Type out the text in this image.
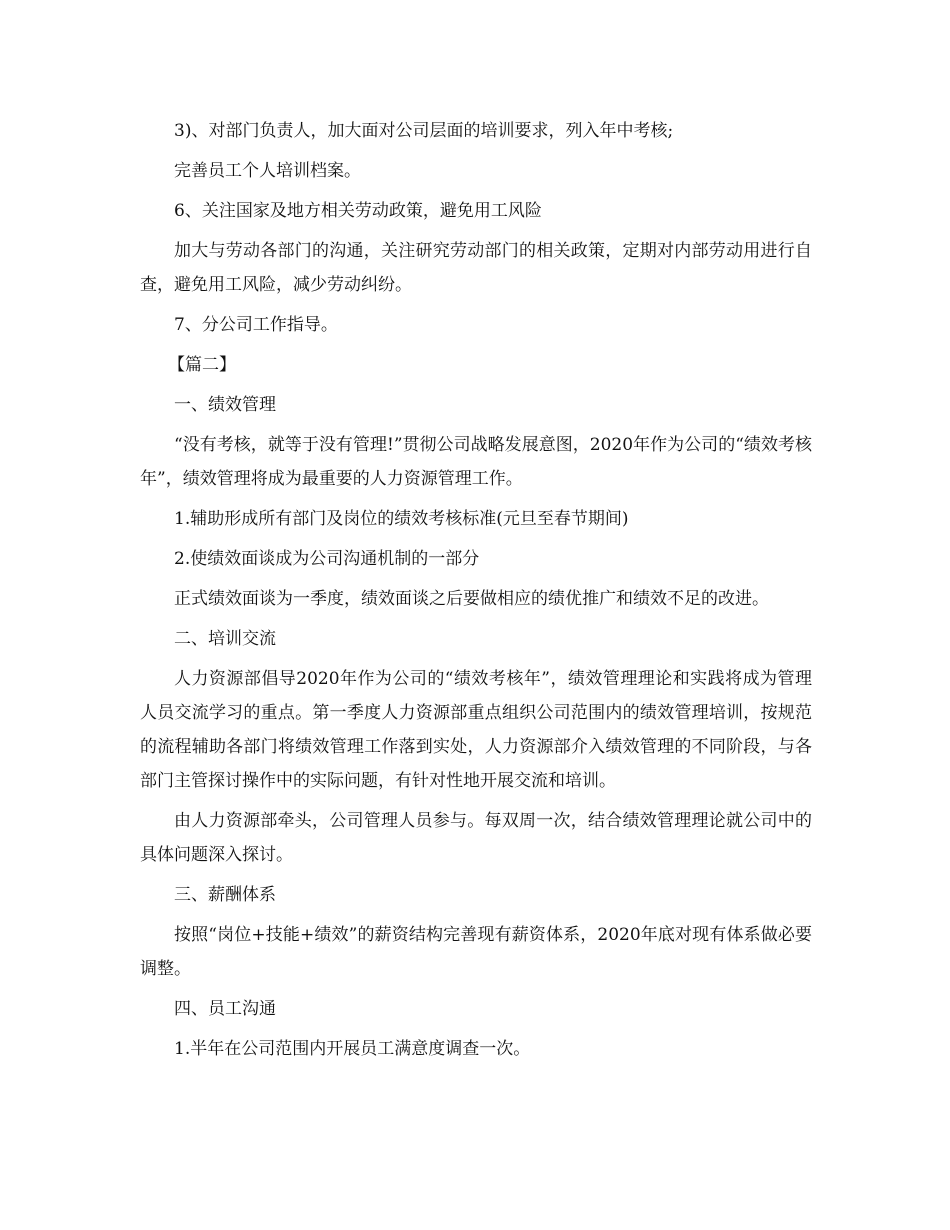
3)、对部门负责人，加大面对公司层面的培训要求，列入年中考核;

完善员工个人培训档案。

6、关注国家及地方相关劳动政策，避免用工风险

加大与劳动各部门的沟通，关注研究劳动部门的相关政策，定期对内部劳动用进行自查，避免用工风险，减少劳动纠纷。

7、分公司工作指导。

【篇二】

一、绩效管理

“没有考核，就等于没有管理!”贯彻公司战略发展意图，2020年作为公司的“绩效考核年”，绩效管理将成为最重要的人力资源管理工作。

1.辅助形成所有部门及岗位的绩效考核标准(元旦至春节期间)

2.使绩效面谈成为公司沟通机制的一部分

正式绩效面谈为一季度，绩效面谈之后要做相应的绩优推广和绩效不足的改进。

二、培训交流

人力资源部倡导2020年作为公司的“绩效考核年”，绩效管理理论和实践将成为管理人员交流学习的重点。第一季度人力资源部重点组织公司范围内的绩效管理培训，按规范的流程辅助各部门将绩效管理工作落到实处，人力资源部介入绩效管理的不同阶段，与各部门主管探讨操作中的实际问题，有针对性地开展交流和培训。

由人力资源部牵头，公司管理人员参与。每双周一次，结合绩效管理理论就公司中的具体问题深入探讨。

三、薪酬体系

按照“岗位+技能+绩效”的薪资结构完善现有薪资体系，2020年底对现有体系做必要调整。

四、员工沟通

1.半年在公司范围内开展员工满意度调查一次。
